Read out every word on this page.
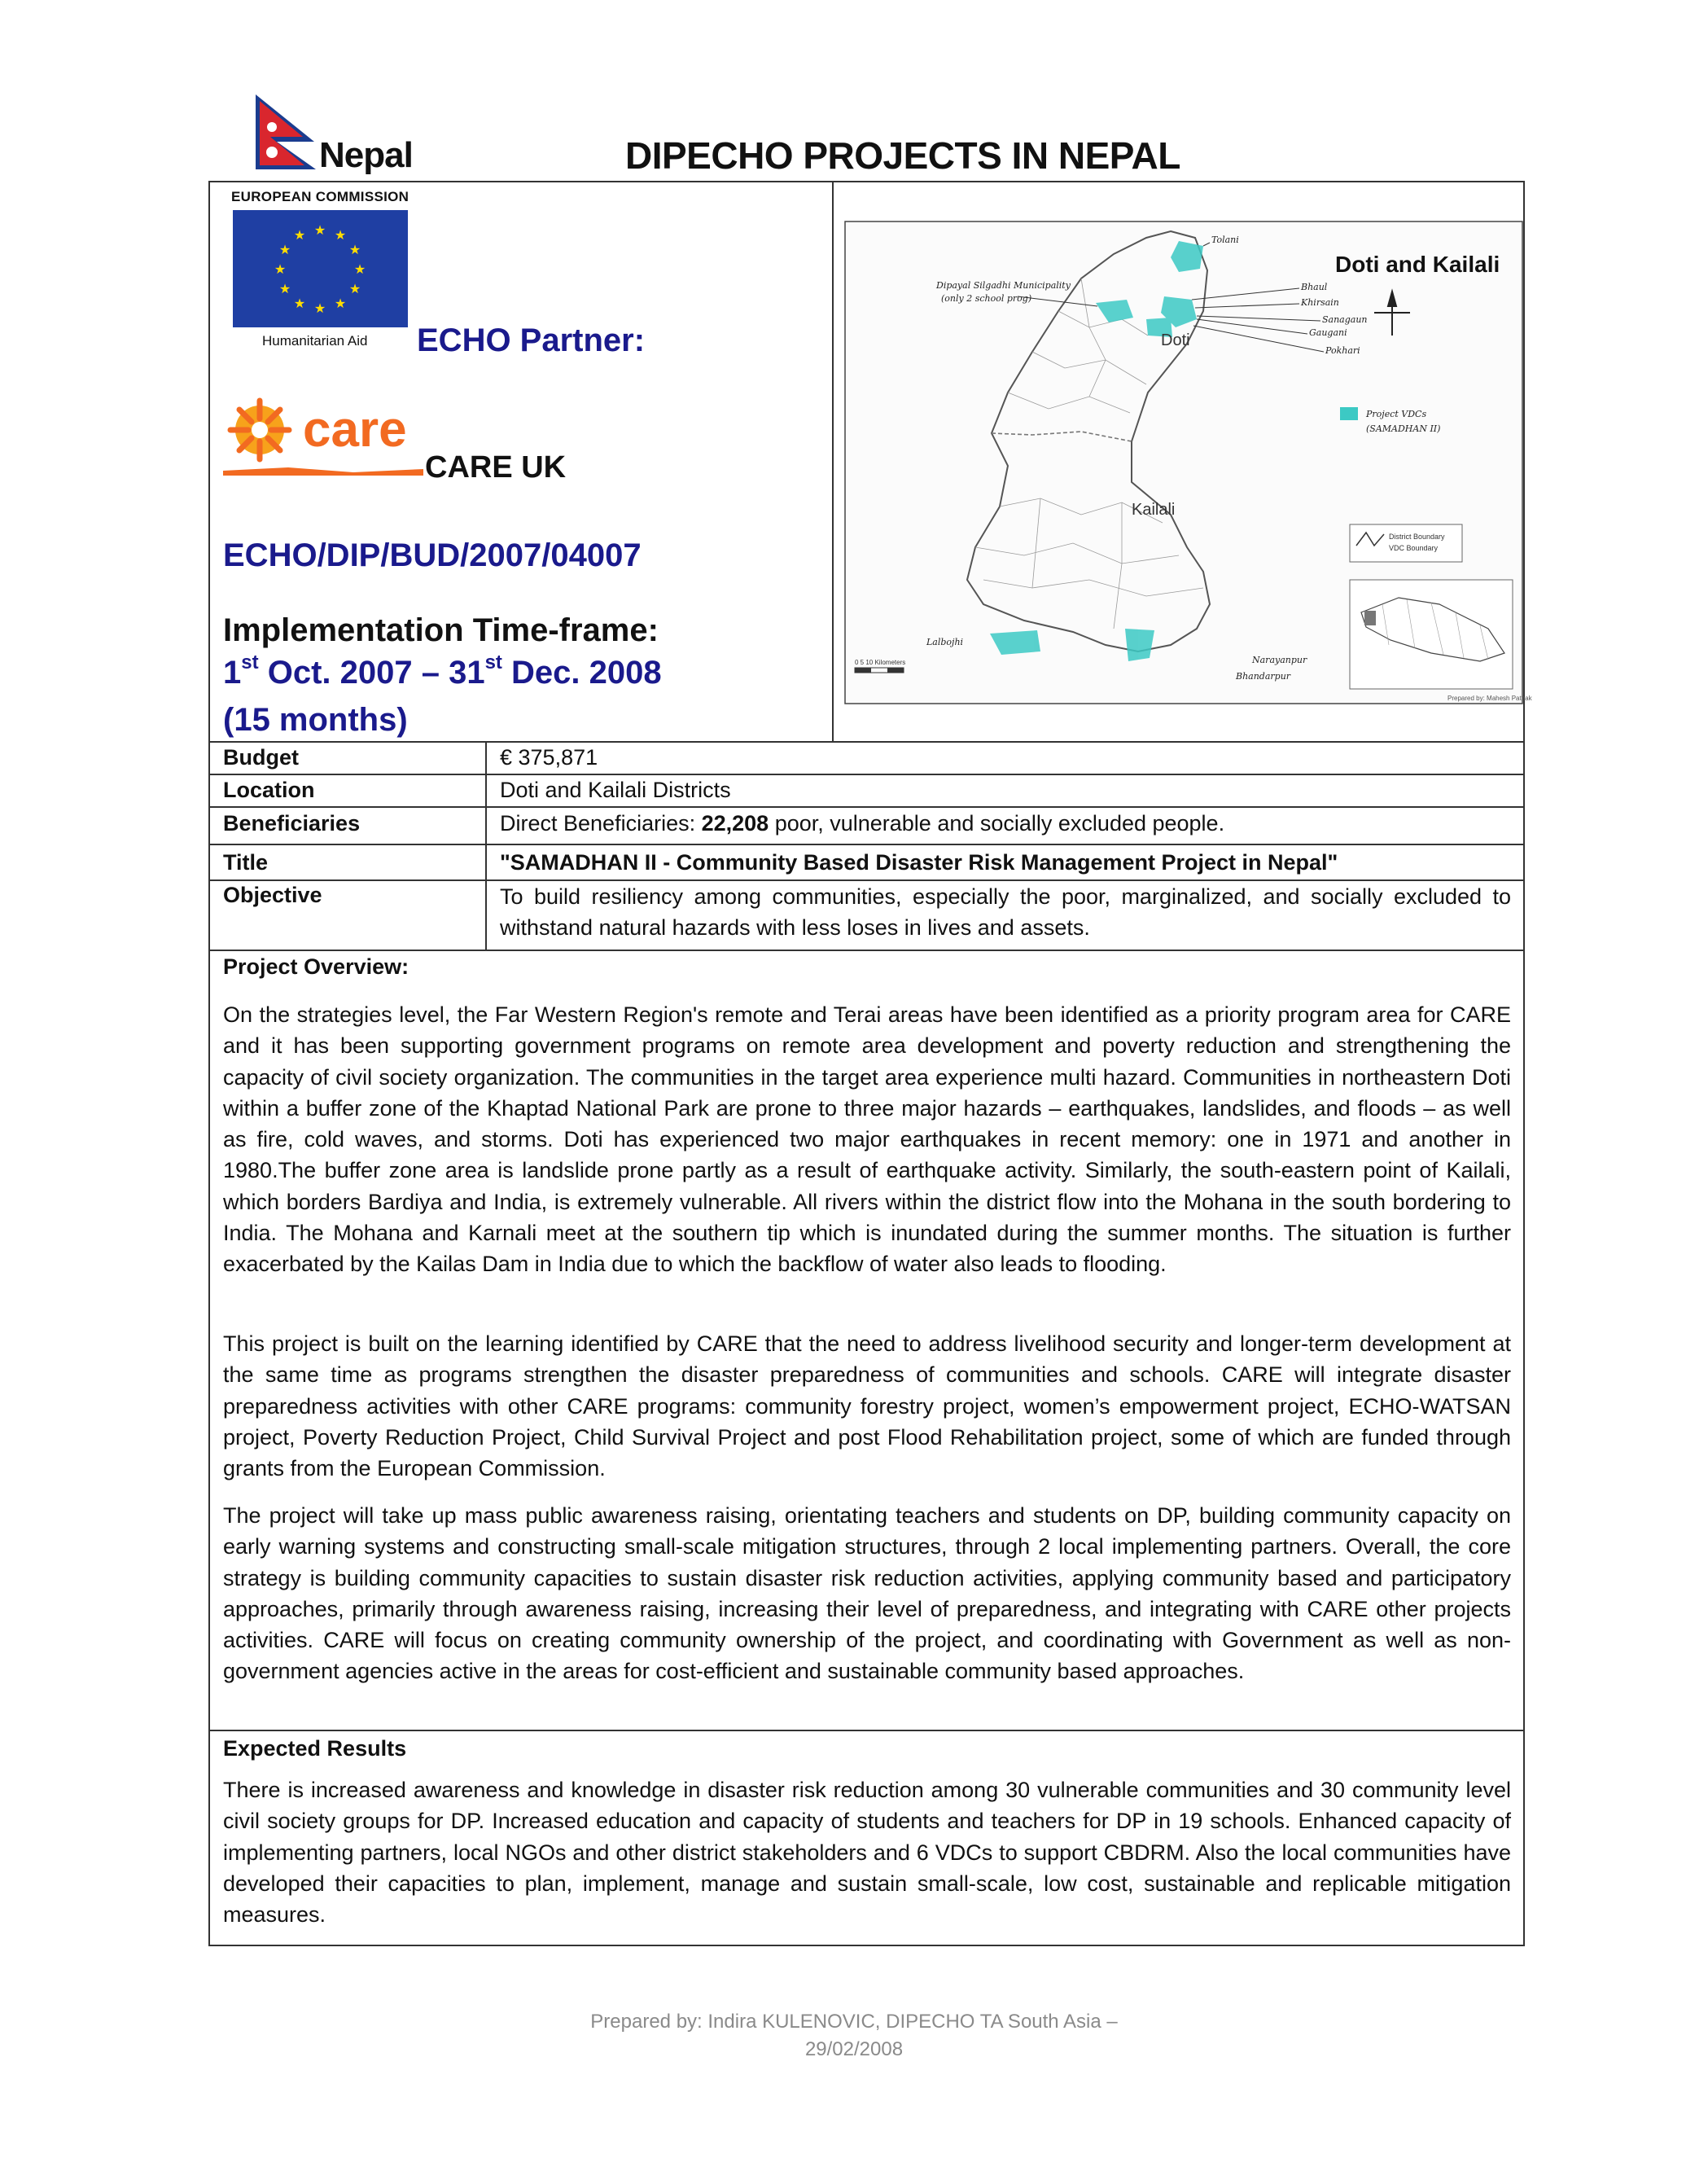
Nepal	DIPECHO PROJECTS IN NEPAL
EUROPEAN COMMISSION
★ ★
★
★
★
★
★
★
★
★
★
★
Humanitarian Aid ECHO Partner:
care
CARE UK
ECHO/DIP/BUD/2007/04007
Implementation Time-frame:
1st Oct. 2007 – 31st Dec. 2008
(15 months)
Doti and Kailali
Doti
Kailali
Tolani
Bhaul
Khirsain
Sanagaun
Gaugani
Pokhari
Lalbojhi
Narayanpur
Bhandarpur
Dipayal Silgadhi Municipality
(only 2 school prog)
Project VDCs
(SAMADHAN II)
District Boundary
VDC Boundary
0 5 10 Kilometers
Prepared by: Mahesh Pathak
Budget	€ 375,871
Location	Doti and Kailali Districts
Beneficiaries	Direct Beneficiaries: 22,208 poor, vulnerable and socially excluded people.
Title	"SAMADHAN II - Community Based Disaster Risk Management Project in Nepal"
Objective	To build resiliency among communities, especially the poor, marginalized, and socially excluded to withstand natural hazards with less loses in lives and assets.
Project Overview:
On the strategies level, the Far Western Region's remote and Terai areas have been identified as a priority program area for CARE and it has been supporting government programs on remote area development and poverty reduction and strengthening the capacity of civil society organization. The communities in the target area experience multi hazard. Communities in northeastern Doti within a buffer zone of the Khaptad National Park are prone to three major hazards – earthquakes, landslides, and floods – as well as fire, cold waves, and storms. Doti has experienced two major earthquakes in recent memory: one in 1971 and another in 1980.The buffer zone area is landslide prone partly as a result of earthquake activity. Similarly, the south-eastern point of Kailali, which borders Bardiya and India, is extremely vulnerable. All rivers within the district flow into the Mohana in the south bordering to India. The Mohana and Karnali meet at the southern tip which is inundated during the summer months. The situation is further exacerbated by the Kailas Dam in India due to which the backflow of water also leads to flooding.
This project is built on the learning identified by CARE that the need to address livelihood security and longer-term development at the same time as programs strengthen the disaster preparedness of communities and schools. CARE will integrate disaster preparedness activities with other CARE programs: community forestry project, women’s empowerment project, ECHO-WATSAN project, Poverty Reduction Project, Child Survival Project and post Flood Rehabilitation project, some of which are funded through grants from the European Commission.
The project will take up mass public awareness raising, orientating teachers and students on DP, building community capacity on early warning systems and constructing small-scale mitigation structures, through 2 local implementing partners. Overall, the core strategy is building community capacities to sustain disaster risk reduction activities, applying community based and participatory approaches, primarily through awareness raising, increasing their level of preparedness, and integrating with CARE other projects activities. CARE will focus on creating community ownership of the project, and coordinating with Government as well as non-government agencies active in the areas for cost-efficient and sustainable community based approaches.
Expected Results
There is increased awareness and knowledge in disaster risk reduction among 30 vulnerable communities and 30 community level civil society groups for DP. Increased education and capacity of students and teachers for DP in 19 schools. Enhanced capacity of implementing partners, local NGOs and other district stakeholders and 6 VDCs to support CBDRM. Also the local communities have developed their capacities to plan, implement, manage and sustain small-scale, low cost, sustainable and replicable mitigation measures.
Prepared by: Indira KULENOVIC, DIPECHO TA South Asia –
29/02/2008
